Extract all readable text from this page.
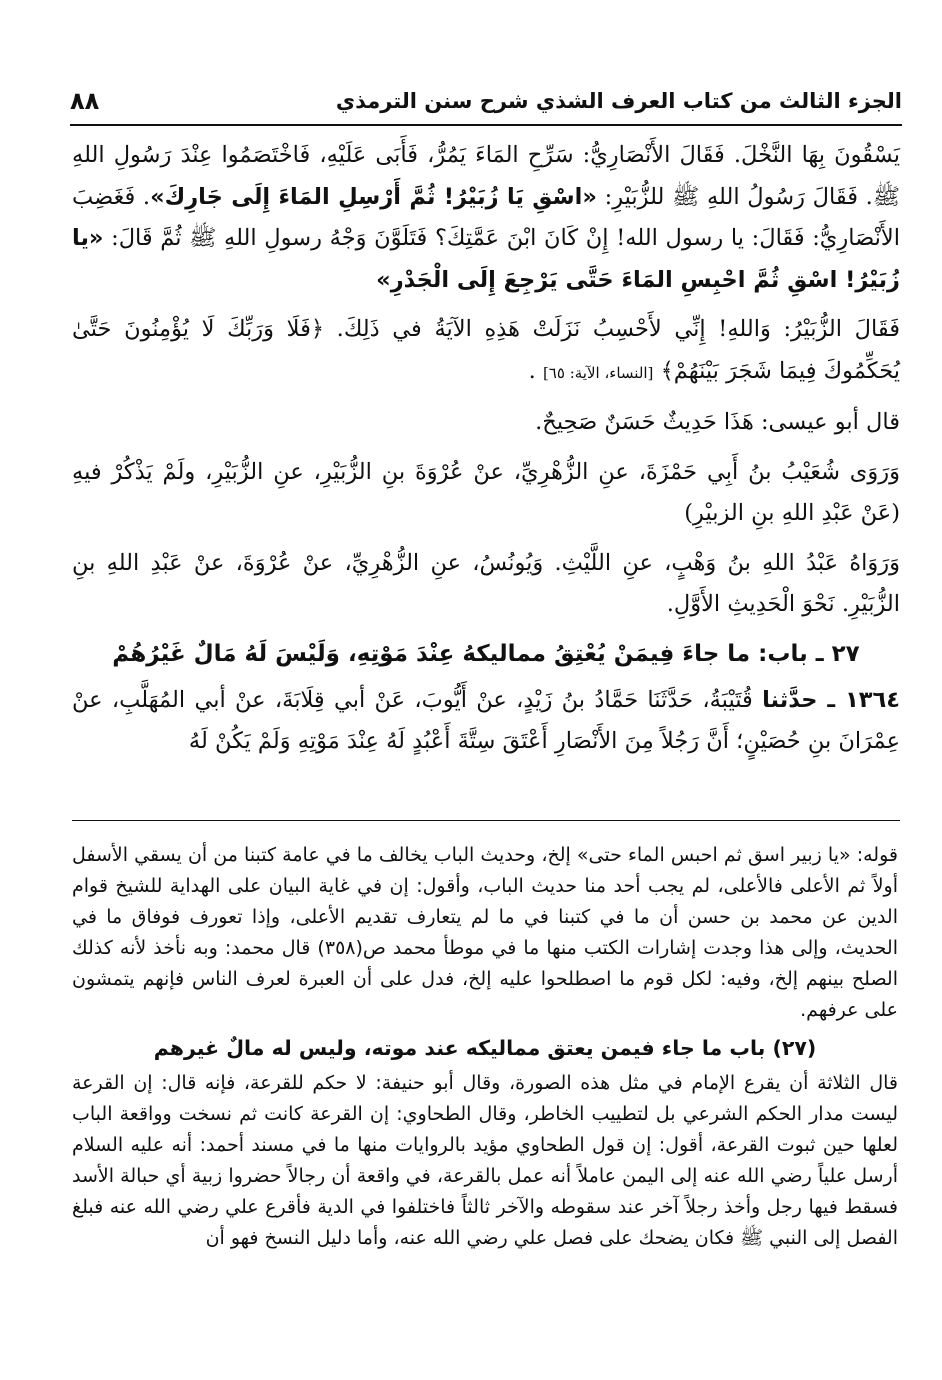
٨٨	الجزء الثالث من كتاب العرف الشذي شرح سنن الترمذي

يَسْقُونَ بِهَا النَّخْلَ. فَقَالَ الأَنْصَارِيُّ: سَرِّحِ المَاءَ يَمُرُّ، فَأَبَى عَلَيْهِ، فَاخْتَصَمُوا عِنْدَ رَسُولِ اللهِ ﷺ. فَقَالَ رَسُولُ اللهِ ﷺ للزُّبَيْرِ: «اسْقِ يَا زُبَيْرُ! ثُمَّ أَرْسِلِ المَاءَ إِلَى جَارِكَ». فَغَضِبَ الأَنْصَارِيُّ: فَقَالَ: يا رسول الله! إِنْ كَانَ ابْنَ عَمَّتِكَ؟ فَتَلَوَّنَ وَجْهُ رسولِ اللهِ ﷺ ثُمَّ قَالَ: «يا زُبَيْرُ! اسْقِ ثُمَّ احْبِسِ المَاءَ حَتَّى يَرْجِعَ إِلَى الْجَدْرِ»

فَقَالَ الزُّبَيْرُ: وَاللهِ! إِنِّي لأَحْسِبُ نَزَلَتْ هَذِهِ الآيَةُ في ذَلِكَ. ﴿فَلَا وَرَبِّكَ لَا يُؤْمِنُونَ حَتَّىٰ يُحَكِّمُوكَ فِيمَا شَجَرَ بَيْنَهُمْ﴾ [النساء، الآية: ٦٥] .

قال أبو عيسى: هَذَا حَدِيثٌ حَسَنٌ صَحِيحٌ.

وَرَوَى شُعَيْبُ بنُ أَبِي حَمْزَةَ، عنِ الزُّهْرِيِّ، عنْ عُرْوَةَ بنِ الزُّبَيْرِ، عنِ الزُّبَيْرِ، ولَمْ يَذْكُرْ فيهِ (عَنْ عَبْدِ اللهِ بنِ الزبيْرِ)

وَرَوَاهُ عَبْدُ اللهِ بنُ وَهْبٍ، عنِ اللَّيْثِ. وَيُونُسُ، عنِ الزُّهْرِيِّ، عنْ عُرْوَةَ، عنْ عَبْدِ اللهِ بنِ الزُّبَيْرِ. نَحْوَ الْحَدِيثِ الأَوَّلِ.

٢٧ ـ باب: ما جاءَ فِيمَنْ يُعْتِقُ مماليكهُ عِنْدَ مَوْتِهِ، وَلَيْسَ لَهُ مَالٌ غَيْرُهُمْ

١٣٦٤ ـ حدَّثنا قُتَيْبَةُ، حَدَّثَنَا حَمَّادُ بنُ زَيْدٍ، عنْ أَيُّوبَ، عَنْ أبي قِلَابَةَ، عنْ أبي المُهَلَّبِ، عنْ عِمْرَانَ بنِ حُصَيْنٍ؛ أَنَّ رَجُلاً مِنَ الأَنْصَارِ أَعْتَقَ سِتَّةَ أَعْبُدٍ لَهُ عِنْدَ مَوْتِهِ وَلَمْ يَكُنْ لَهُ

قوله: «يا زبير اسق ثم احبس الماء حتى» إلخ، وحديث الباب يخالف ما في عامة كتبنا من أن يسقي الأسفل أولاً ثم الأعلى فالأعلى، لم يجب أحد منا حديث الباب، وأقول: إن في غاية البيان على الهداية للشيخ قوام الدين عن محمد بن حسن أن ما في كتبنا في ما لم يتعارف تقديم الأعلى، وإذا تعورف فوفاق ما في الحديث، وإلى هذا وجدت إشارات الكتب منها ما في موطأ محمد ص(٣٥٨) قال محمد: وبه نأخذ لأنه كذلك الصلح بينهم إلخ، وفيه: لكل قوم ما اصطلحوا عليه إلخ، فدل على أن العبرة لعرف الناس فإنهم يتمشون على عرفهم.

(٢٧) باب ما جاء فيمن يعتق مماليكه عند موته، وليس له مالٌ غيرهم

قال الثلاثة أن يقرع الإمام في مثل هذه الصورة، وقال أبو حنيفة: لا حكم للقرعة، فإنه قال: إن القرعة ليست مدار الحكم الشرعي بل لتطييب الخاطر، وقال الطحاوي: إن القرعة كانت ثم نسخت وواقعة الباب لعلها حين ثبوت القرعة، أقول: إن قول الطحاوي مؤيد بالروايات منها ما في مسند أحمد: أنه عليه السلام أرسل علياً رضي الله عنه إلى اليمن عاملاً أنه عمل بالقرعة، في واقعة أن رجالاً حضروا زبية أي حبالة الأسد فسقط فيها رجل وأخذ رجلاً آخر عند سقوطه والآخر ثالثاً فاختلفوا في الدية فأقرع علي رضي الله عنه فبلغ الفصل إلى النبي ﷺ فكان يضحك على فصل علي رضي الله عنه، وأما دليل النسخ فهو أن
